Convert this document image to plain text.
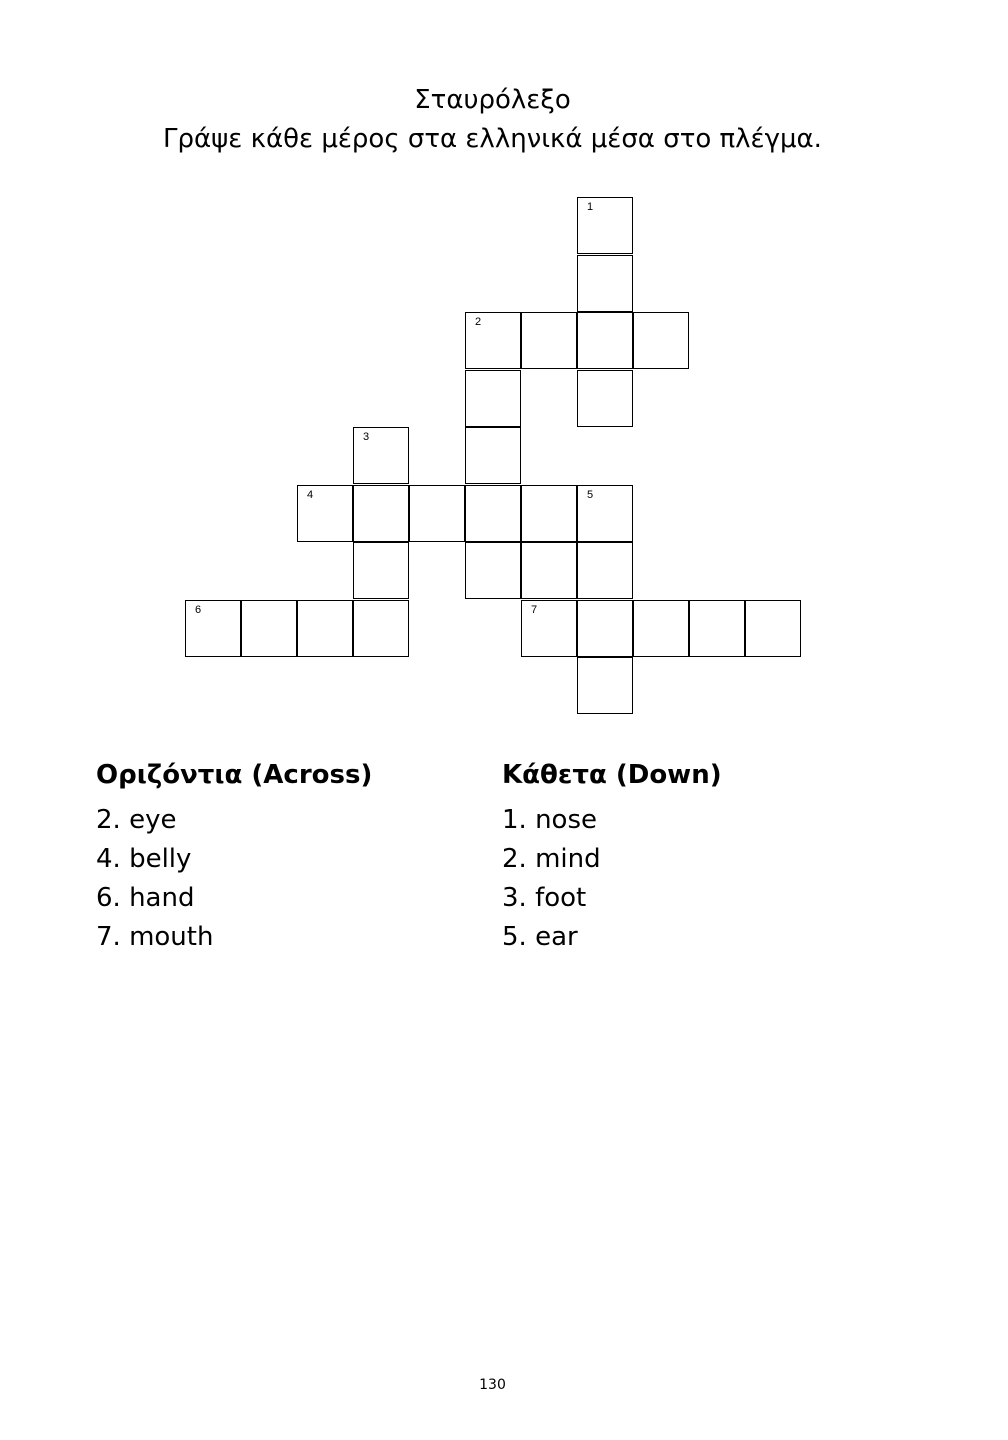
Σταυρόλεξο
Γράψε κάθε μέρος στα ελληνικά μέσα στο πλέγμα.
1
2
3
4	5
6	7
Οριζόντια (Across)
2. eye
4. belly
6. hand
7. mouth
Κάθετα (Down)
1. nose
2. mind
3. foot
5. ear
130
